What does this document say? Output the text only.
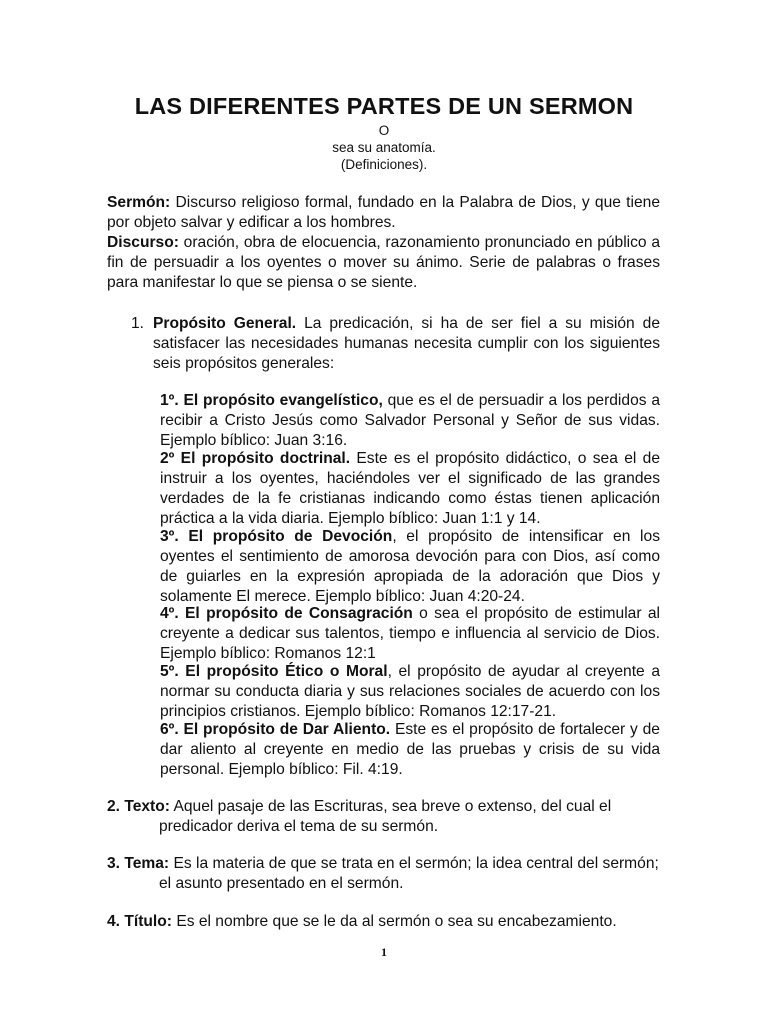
LAS DIFERENTES PARTES DE UN SERMON
O
sea su anatomía.
(Definiciones).
Sermón: Discurso religioso formal, fundado en la Palabra de Dios, y que tiene por objeto salvar y edificar a los hombres.
Discurso: oración, obra de elocuencia, razonamiento pronunciado en público a fin de persuadir a los oyentes o mover su ánimo. Serie de palabras o frases para manifestar lo que se piensa o se siente.
1. Propósito General. La predicación, si ha de ser fiel a su misión de satisfacer las necesidades humanas necesita cumplir con los siguientes seis propósitos generales:
1º. El propósito evangelístico, que es el de persuadir a los perdidos a recibir a Cristo Jesús como Salvador Personal y Señor de sus vidas. Ejemplo bíblico: Juan 3:16.
2º El propósito doctrinal. Este es el propósito didáctico, o sea el de instruir a los oyentes, haciéndoles ver el significado de las grandes verdades de la fe cristianas indicando como éstas tienen aplicación práctica a la vida diaria. Ejemplo bíblico: Juan 1:1 y 14.
3º. El propósito de Devoción, el propósito de intensificar en los oyentes el sentimiento de amorosa devoción para con Dios, así como de guiarles en la expresión apropiada de la adoración que Dios y solamente El merece. Ejemplo bíblico: Juan 4:20-24.
4º. El propósito de Consagración o sea el propósito de estimular al creyente a dedicar sus talentos, tiempo e influencia al servicio de Dios. Ejemplo bíblico: Romanos 12:1
5º. El propósito Ético o Moral, el propósito de ayudar al creyente a normar su conducta diaria y sus relaciones sociales de acuerdo con los principios cristianos. Ejemplo bíblico: Romanos 12:17-21.
6º. El propósito de Dar Aliento. Este es el propósito de fortalecer y de dar aliento al creyente en medio de las pruebas y crisis de su vida personal. Ejemplo bíblico: Fil. 4:19.
2. Texto: Aquel pasaje de las Escrituras, sea breve o extenso, del cual el predicador deriva el tema de su sermón.
3. Tema: Es la materia de que se trata en el sermón; la idea central del sermón; el asunto presentado en el sermón.
4. Título: Es el nombre que se le da al sermón o sea su encabezamiento.
1
